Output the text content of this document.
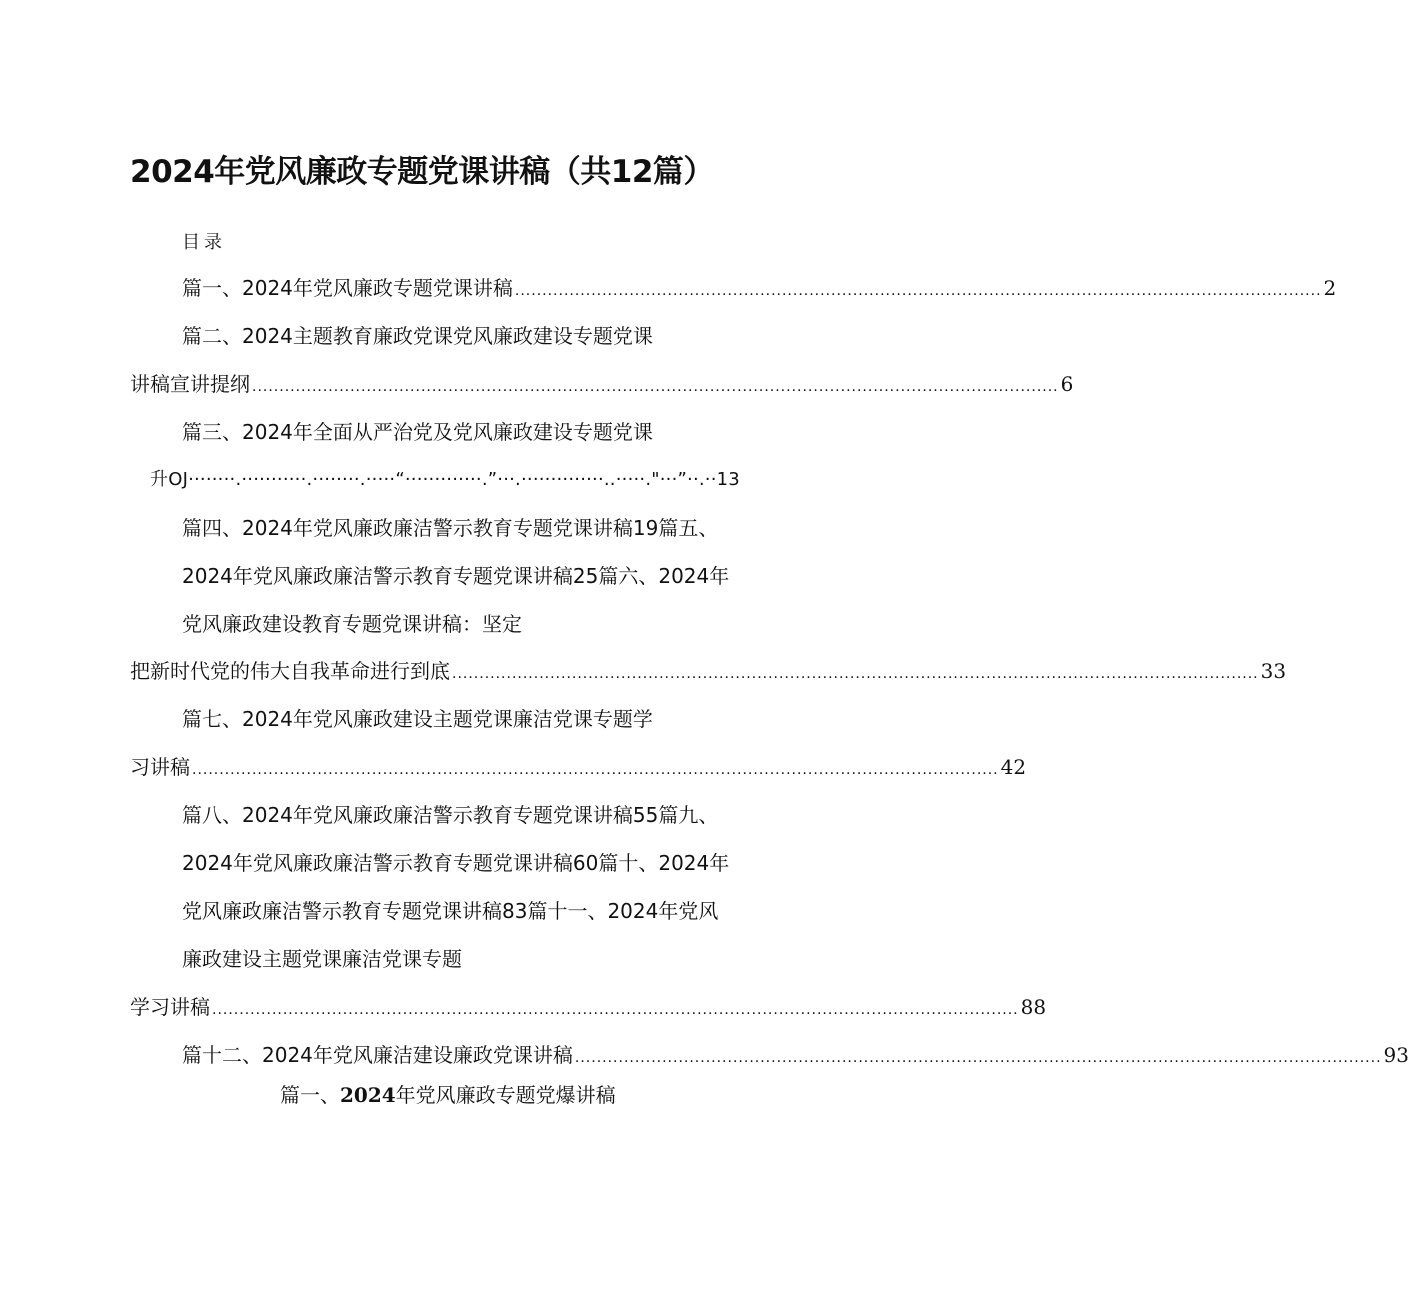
2024年党风廉政专题党课讲稿（共12篇）
目录
篇一、2024年党风廉政专题党课讲稿 .................................................................................................................................................... 2
篇二、2024主题教育廉政党课党风廉政建设专题党课
讲稿宣讲提纲 .................................................................................................................................................... 6
篇三、2024年全面从严治党及党风廉政建设专题党课
升OJ········.···········.········.·····“·············.”···.··············..·····."···”··.··13
篇四、2024年党风廉政廉洁警示教育专题党课讲稿19篇五、
2024年党风廉政廉洁警示教育专题党课讲稿25篇六、2024年
党风廉政建设教育专题党课讲稿：坚定
把新时代党的伟大自我革命进行到底 .................................................................................................................................................... 33
篇七、2024年党风廉政建设主题党课廉洁党课专题学
习讲稿 .................................................................................................................................................... 42
篇八、2024年党风廉政廉洁警示教育专题党课讲稿55篇九、
2024年党风廉政廉洁警示教育专题党课讲稿60篇十、2024年
党风廉政廉洁警示教育专题党课讲稿83篇十一、2024年党风
廉政建设主题党课廉洁党课专题
学习讲稿 .................................................................................................................................................... 88
篇十二、2024年党风廉洁建设廉政党课讲稿 .................................................................................................................................................... 93
篇一、2024年党风廉政专题党爆讲稿
